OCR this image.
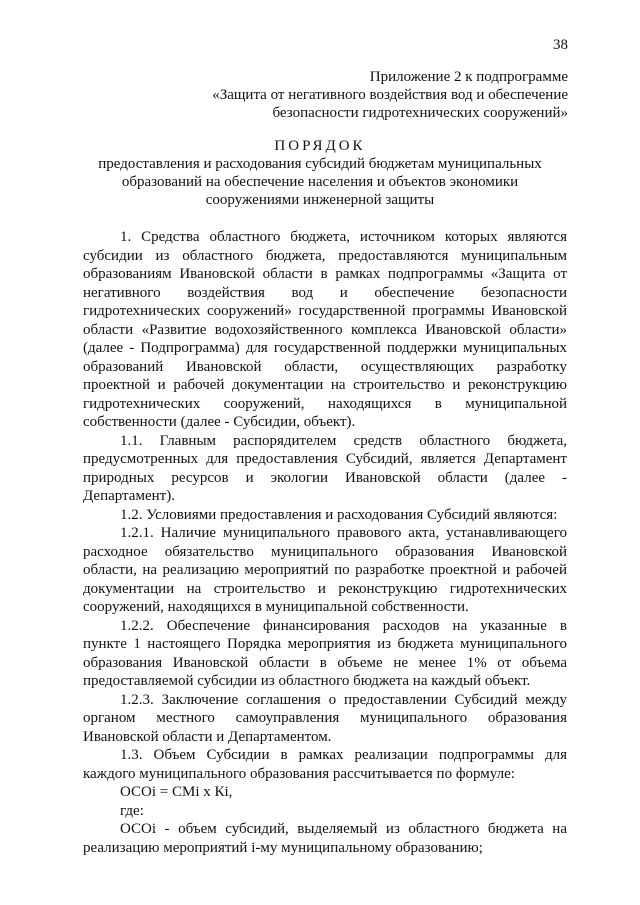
38
Приложение 2 к подпрограмме
«Защита от негативного воздействия вод и обеспечение
безопасности гидротехнических сооружений»
ПОРЯДОК
предоставления и расходования субсидий бюджетам муниципальных
образований на обеспечение населения и объектов экономики
сооружениями инженерной защиты
1. Средства областного бюджета, источником которых являются
субсидии из областного бюджета, предоставляются муниципальным
образованиям Ивановской области в рамках подпрограммы «Защита от
негативного воздействия вод и обеспечение безопасности
гидротехнических сооружений» государственной программы Ивановской
области «Развитие водохозяйственного комплекса Ивановской области»
(далее - Подпрограмма) для государственной поддержки муниципальных
образований Ивановской области, осуществляющих разработку
проектной и рабочей документации на строительство и реконструкцию
гидротехнических сооружений, находящихся в муниципальной
собственности (далее - Субсидии, объект).
1.1. Главным распорядителем средств областного бюджета,
предусмотренных для предоставления Субсидий, является Департамент
природных ресурсов и экологии Ивановской области (далее -
Департамент).
1.2. Условиями предоставления и расходования Субсидий являются:
1.2.1. Наличие муниципального правового акта, устанавливающего
расходное обязательство муниципального образования Ивановской
области, на реализацию мероприятий по разработке проектной и рабочей
документации на строительство и реконструкцию гидротехнических
сооружений, находящихся в муниципальной собственности.
1.2.2. Обеспечение финансирования расходов на указанные в
пункте 1 настоящего Порядка мероприятия из бюджета муниципального
образования Ивановской области в объеме не менее 1% от объема
предоставляемой субсидии из областного бюджета на каждый объект.
1.2.3. Заключение соглашения о предоставлении Субсидий между
органом местного самоуправления муниципального образования
Ивановской области и Департаментом.
1.3. Объем Субсидии в рамках реализации подпрограммы для
каждого муниципального образования рассчитывается по формуле:
ОСОi = СМi х Кi,
где:
ОСОi - объем субсидий, выделяемый из областного бюджета на
реализацию мероприятий i-му муниципальному образованию;
